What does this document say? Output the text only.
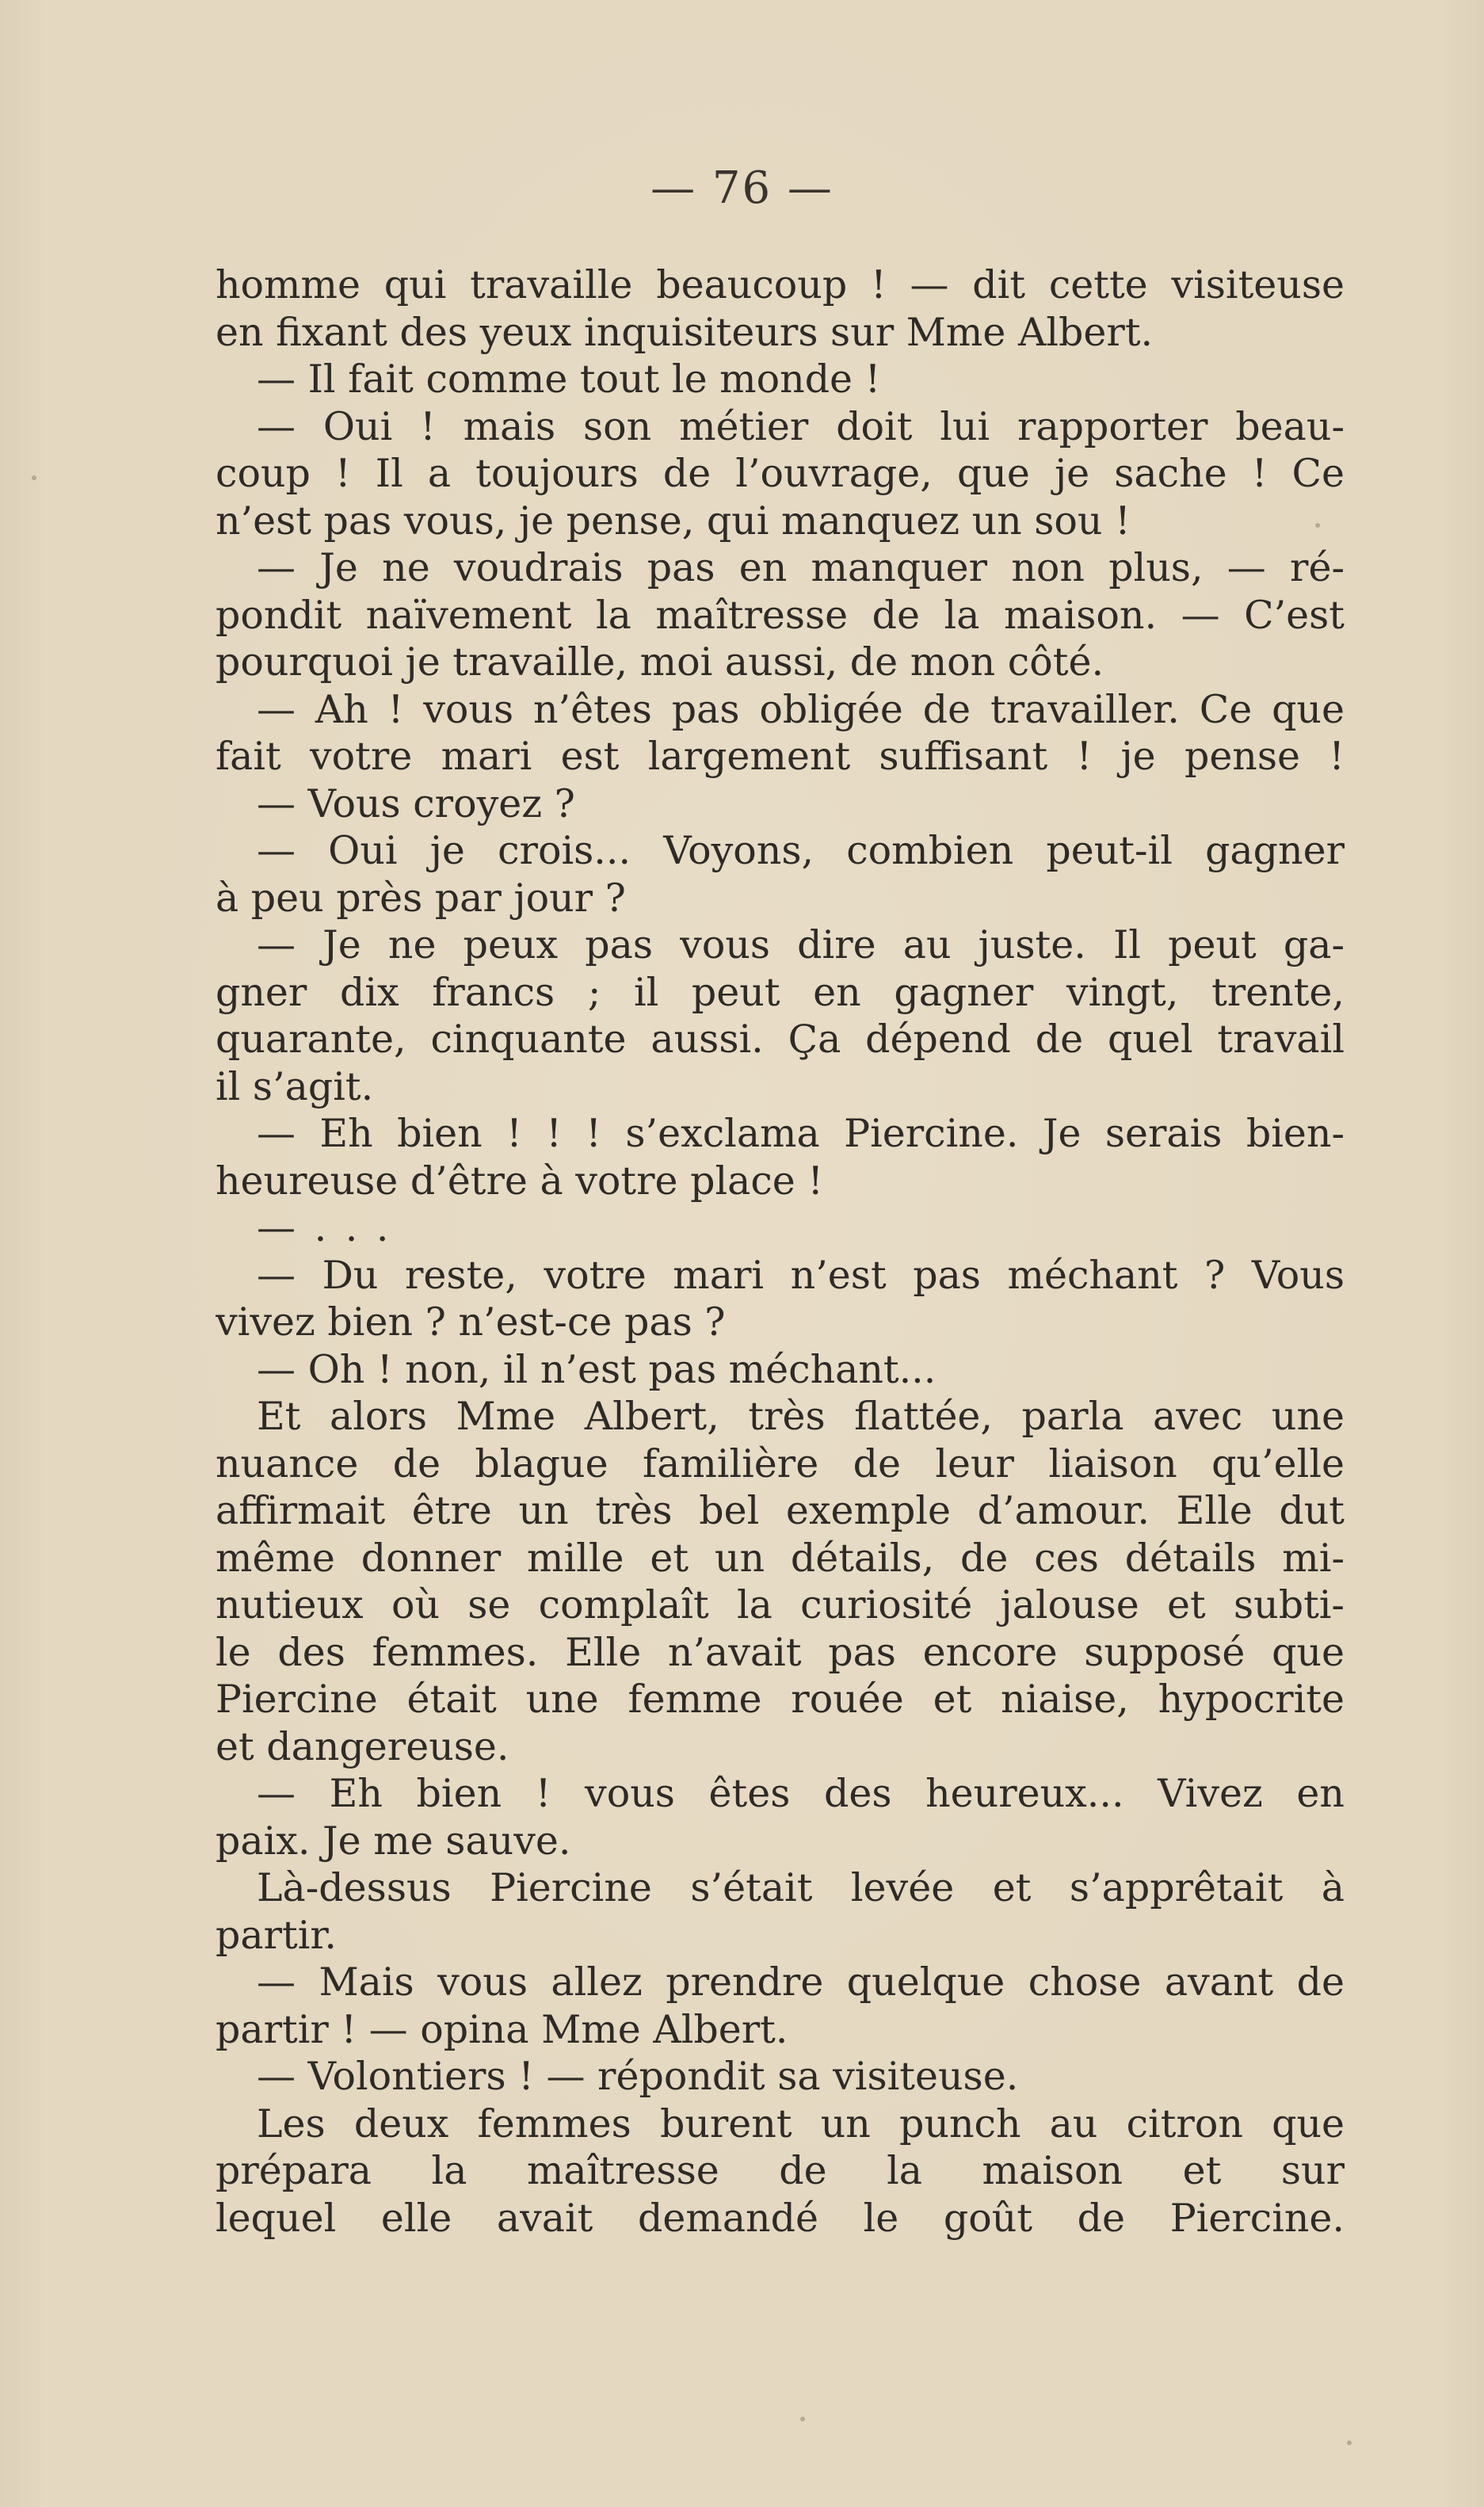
— 76 —
homme qui travaille beaucoup ! — dit cette visiteuse
en fixant des yeux inquisiteurs sur Mme Albert.
— Il fait comme tout le monde !
— Oui ! mais son métier doit lui rapporter beau-
coup ! Il a toujours de l’ouvrage, que je sache ! Ce
n’est pas vous, je pense, qui manquez un sou !
— Je ne voudrais pas en manquer non plus, — ré-
pondit naïvement la maîtresse de la maison. — C’est
pourquoi je travaille, moi aussi, de mon côté.
— Ah ! vous n’êtes pas obligée de travailler. Ce que
fait votre mari est largement suffisant ! je pense !
— Vous croyez ?
— Oui je crois... Voyons, combien peut-il gagner
à peu près par jour ?
— Je ne peux pas vous dire au juste. Il peut ga-
gner dix francs ; il peut en gagner vingt, trente,
quarante, cinquante aussi. Ça dépend de quel travail
il s’agit.
— Eh bien ! ! ! s’exclama Piercine. Je serais bien-
heureuse d’être à votre place !
— . . .
— Du reste, votre mari n’est pas méchant ? Vous
vivez bien ? n’est-ce pas ?
— Oh ! non, il n’est pas méchant...
Et alors Mme Albert, très flattée, parla avec une
nuance de blague familière de leur liaison qu’elle
affirmait être un très bel exemple d’amour. Elle dut
même donner mille et un détails, de ces détails mi-
nutieux où se complaît la curiosité jalouse et subti-
le des femmes. Elle n’avait pas encore supposé que
Piercine était une femme rouée et niaise, hypocrite
et dangereuse.
— Eh bien ! vous êtes des heureux... Vivez en
paix. Je me sauve.
Là-dessus Piercine s’était levée et s’apprêtait à
partir.
— Mais vous allez prendre quelque chose avant de
partir ! — opina Mme Albert.
— Volontiers ! — répondit sa visiteuse.
Les deux femmes burent un punch au citron que
prépara la maîtresse de la maison et sur
lequel elle avait demandé le goût de Piercine.
